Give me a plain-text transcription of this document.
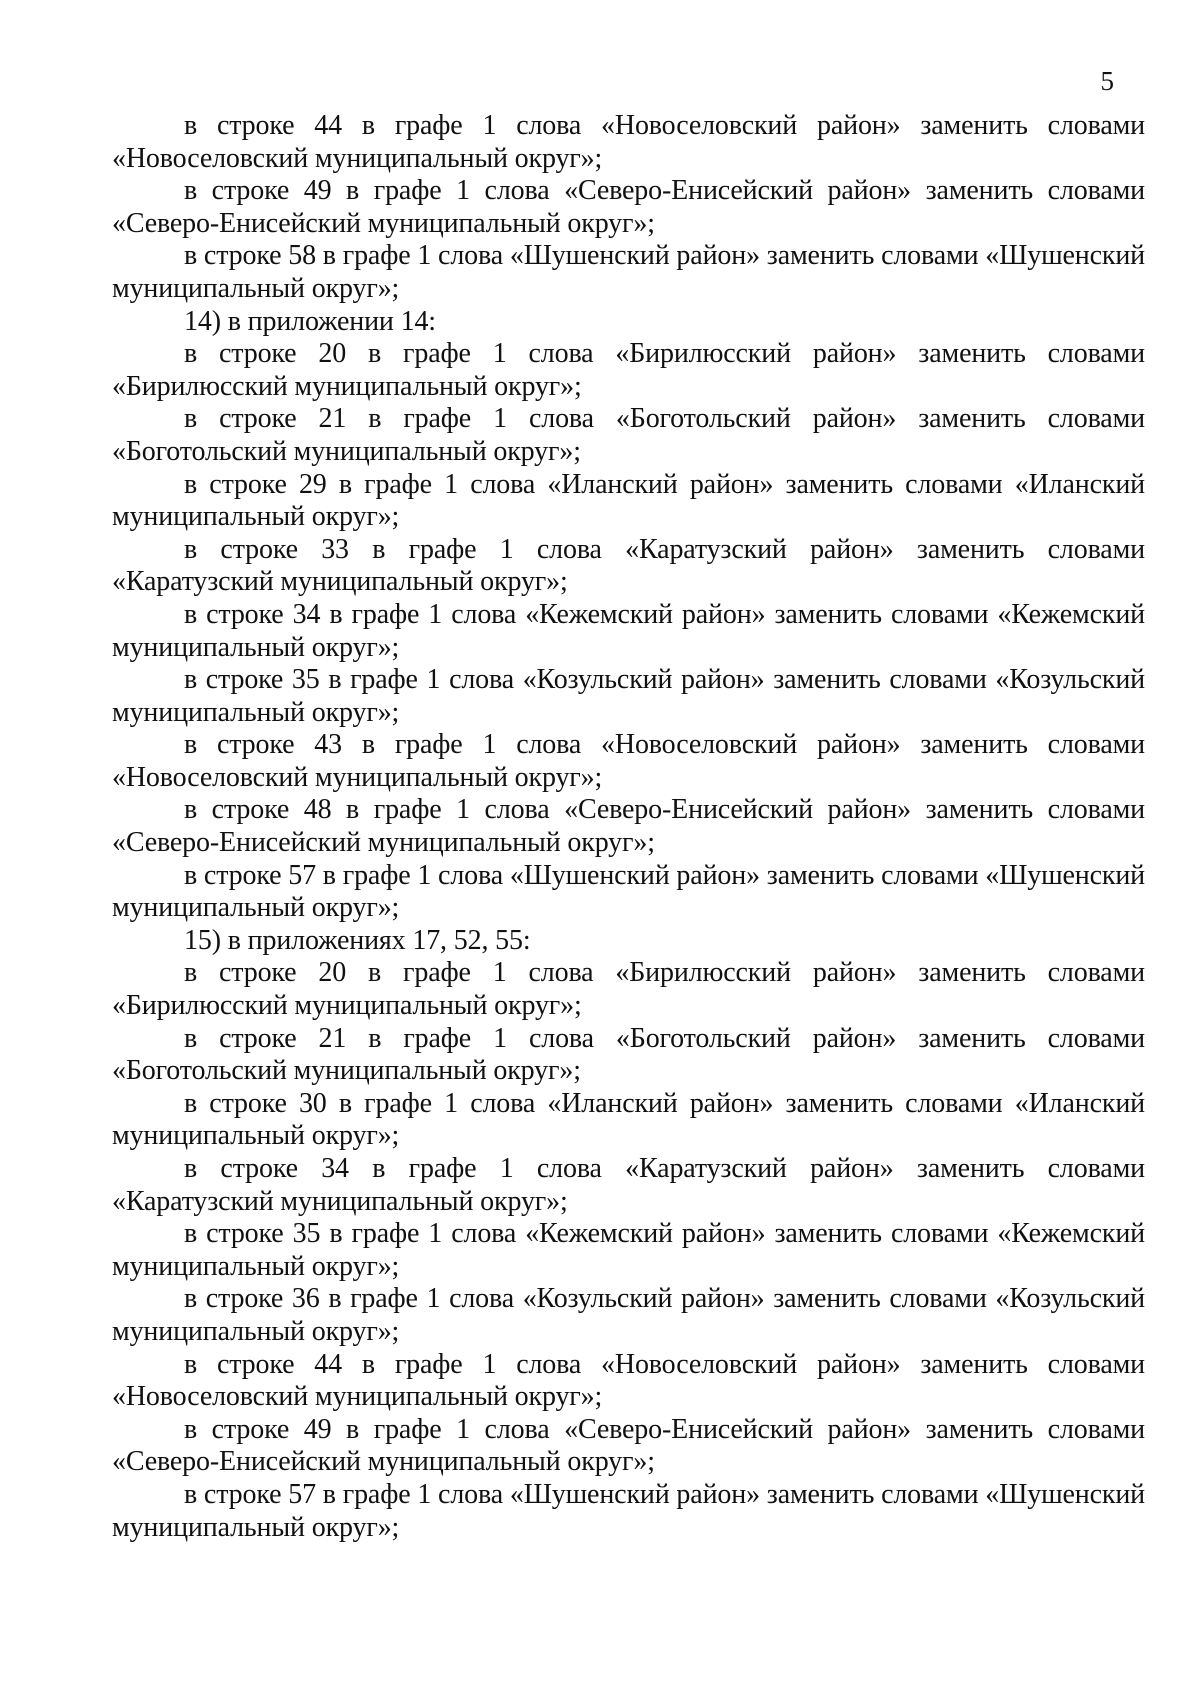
5

в строке 44 в графе 1 слова «Новоселовский район» заменить словами «Новоселовский муниципальный округ»;

в строке 49 в графе 1 слова «Северо-Енисейский район» заменить словами «Северо-Енисейский муниципальный округ»;

в строке 58 в графе 1 слова «Шушенский район» заменить словами «Шушенский муниципальный округ»;

14) в приложении 14:

в строке 20 в графе 1 слова «Бирилюсский район» заменить словами «Бирилюсский муниципальный округ»;

в строке 21 в графе 1 слова «Боготольский район» заменить словами «Боготольский муниципальный округ»;

в строке 29 в графе 1 слова «Иланский район» заменить словами «Иланский муниципальный округ»;

в строке 33 в графе 1 слова «Каратузский район» заменить словами «Каратузский муниципальный округ»;

в строке 34 в графе 1 слова «Кежемский район» заменить словами «Кежемский муниципальный округ»;

в строке 35 в графе 1 слова «Козульский район» заменить словами «Козульский муниципальный округ»;

в строке 43 в графе 1 слова «Новоселовский район» заменить словами «Новоселовский муниципальный округ»;

в строке 48 в графе 1 слова «Северо-Енисейский район» заменить словами «Северо-Енисейский муниципальный округ»;

в строке 57 в графе 1 слова «Шушенский район» заменить словами «Шушенский муниципальный округ»;

15) в приложениях 17, 52, 55:

в строке 20 в графе 1 слова «Бирилюсский район» заменить словами «Бирилюсский муниципальный округ»;

в строке 21 в графе 1 слова «Боготольский район» заменить словами «Боготольский муниципальный округ»;

в строке 30 в графе 1 слова «Иланский район» заменить словами «Иланский муниципальный округ»;

в строке 34 в графе 1 слова «Каратузский район» заменить словами «Каратузский муниципальный округ»;

в строке 35 в графе 1 слова «Кежемский район» заменить словами «Кежемский муниципальный округ»;

в строке 36 в графе 1 слова «Козульский район» заменить словами «Козульский муниципальный округ»;

в строке 44 в графе 1 слова «Новоселовский район» заменить словами «Новоселовский муниципальный округ»;

в строке 49 в графе 1 слова «Северо-Енисейский район» заменить словами «Северо-Енисейский муниципальный округ»;

в строке 57 в графе 1 слова «Шушенский район» заменить словами «Шушенский муниципальный округ»;
